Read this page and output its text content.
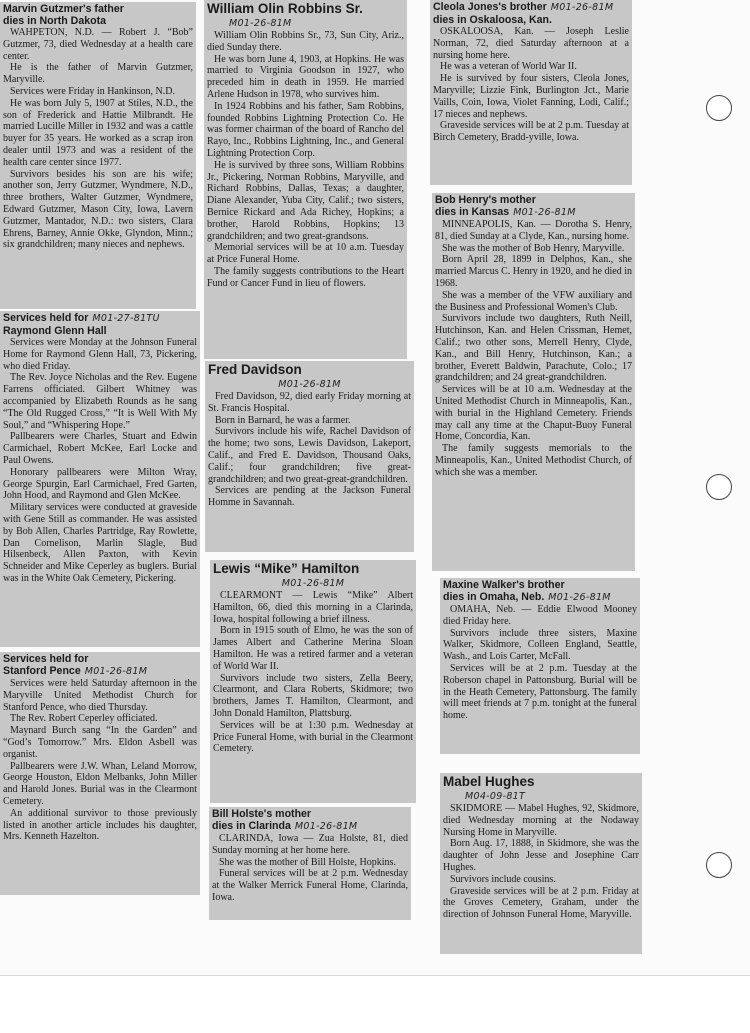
Marvin Gutzmer's father
dies in North Dakota

WAHPETON, N.D. — Robert J. “Bob” Gutzmer, 73, died Wednesday at a health care center.

He is the father of Marvin Gutzmer, Maryville.

Services were Friday in Hankinson, N.D.

He was born July 5, 1907 at Stiles, N.D., the son of Frederick and Hattie Milbrandt. He married Lucille Miller in 1932 and was a cattle buyer for 35 years. He worked as a scrap iron dealer until 1973 and was a resident of the health care center since 1977.

Survivors besides his son are his wife; another son, Jerry Gutzmer, Wyndmere, N.D., three brothers, Walter Gutzmer, Wyndmere, Edward Gutzmer, Mason City, Iowa, Lavern Gutzmer, Mantador, N.D.: two sisters, Clara Ehrens, Barney, Annie Okke, Glyndon, Minn.; six grandchildren; many nieces and nephews.

Services held for M01-27-81TU
Raymond Glenn Hall

Services were Monday at the Johnson Funeral Home for Raymond Glenn Hall, 73, Pickering, who died Friday.

The Rev. Joyce Nicholas and the Rev. Eugene Farrens officiated. Gilbert Whitney was accompanied by Elizabeth Rounds as he sang “The Old Rugged Cross,” “It is Well With My Soul,” and “Whispering Hope.”

Pallbearers were Charles, Stuart and Edwin Carmichael, Robert McKee, Earl Locke and Paul Owens.

Honorary pallbearers were Milton Wray, George Spurgin, Earl Carmichael, Fred Garten, John Hood, and Raymond and Glen McKee.

Military services were conducted at graveside with Gene Still as commander. He was assisted by Bob Allen, Charles Partridge, Ray Rowlette, Dan Cornelison, Marlin Slagle, Bud Hilsenbeck, Allen Paxton, with Kevin Schneider and Mike Ceperley as buglers. Burial was in the White Oak Cemetery, Pickering.

Services held for
Stanford Pence M01-26-81M

Services were held Saturday afternoon in the Maryville United Methodist Church for Stanford Pence, who died Thursday.

The Rev. Robert Ceperley officiated.

Maynard Burch sang “In the Garden” and “God’s Tomorrow.” Mrs. Eldon Asbell was organist.

Pallbearers were J.W. Whan, Leland Morrow, George Houston, Eldon Melbanks, John Miller and Harold Jones. Burial was in the Clearmont Cemetery.

An additional survivor to those previously listed in another article includes his daughter, Mrs. Kenneth Hazelton.

William Olin Robbins Sr.
M01-26-81M

William Olin Robbins Sr., 73, Sun City, Ariz., died Sunday there.

He was born June 4, 1903, at Hopkins. He was married to Virginia Goodson in 1927, who preceded him in death in 1959. He married Arlene Hudson in 1978, who survives him.

In 1924 Robbins and his father, Sam Robbins, founded Robbins Lightning Protection Co. He was former chairman of the board of Rancho del Rayo, Inc., Robbins Lightning, Inc., and General Lightning Protection Corp.

He is survived by three sons, William Robbins Jr., Pickering, Norman Robbins, Maryville, and Richard Robbins, Dallas, Texas; a daughter, Diane Alexander, Yuba City, Calif.; two sisters, Bernice Rickard and Ada Richey, Hopkins; a brother, Harold Robbins, Hopkins; 13 grandchildren; and two great-grandsons.

Memorial services will be at 10 a.m. Tuesday at Price Funeral Home.

The family suggests contributions to the Heart Fund or Cancer Fund in lieu of flowers.

Fred Davidson
M01-26-81M

Fred Davidson, 92, died early Friday morning at St. Francis Hospital.

Born in Barnard, he was a farmer.

Survivors include his wife, Rachel Davidson of the home; two sons, Lewis Davidson, Lakeport, Calif., and Fred E. Davidson, Thousand Oaks, Calif.; four grandchildren; five great-grandchildren; and two great-great-grandchildren.

Services are pending at the Jackson Funeral Homme in Savannah.

Lewis “Mike” Hamilton
M01-26-81M

CLEARMONT — Lewis “Mike” Albert Hamilton, 66, died this morning in a Clarinda, Iowa, hospital following a brief illness.

Born in 1915 south of Elmo, he was the son of James Albert and Catherine Merina Sloan Hamilton. He was a retired farmer and a veteran of World War II.

Survivors include two sisters, Zella Beery, Clearmont, and Clara Roberts, Skidmore; two brothers, James T. Hamilton, Clearmont, and John Donald Hamilton, Plattsburg.

Services will be at 1:30 p.m. Wednesday at Price Funeral Home, with burial in the Clearmont Cemetery.

Bill Holste's mother
dies in Clarinda M01-26-81M

CLARINDA, Iowa — Zua Holste, 81, died Sunday morning at her home here.

She was the mother of Bill Holste, Hopkins.

Funeral services will be at 2 p.m. Wednesday at the Walker Merrick Funeral Home, Clarinda, Iowa.

Cleola Jones's brother M01-26-81M
dies in Oskaloosa, Kan.

OSKALOOSA, Kan. — Joseph Leslie Norman, 72, died Saturday afternoon at a nursing home here.

He was a veteran of World War II.

He is survived by four sisters, Cleola Jones, Maryville; Lizzie Fink, Burlington Jct., Marie Vaills, Coin, Iowa, Violet Fanning, Lodi, Calif.; 17 nieces and nephews.

Graveside services will be at 2 p.m. Tuesday at Birch Cemetery, Bradd-yville, Iowa.

Bob Henry's mother
dies in Kansas M01-26-81M

MINNEAPOLIS, Kan. — Dorotha S. Henry, 81, died Sunday at a Clyde, Kan., nursing home.

She was the mother of Bob Henry, Maryville.

Born April 28, 1899 in Delphos, Kan., she married Marcus C. Henry in 1920, and he died in 1968.

She was a member of the VFW auxiliary and the Business and Professional Women's Club.

Survivors include two daughters, Ruth Neill, Hutchinson, Kan. and Helen Crissman, Hemet, Calif.; two other sons, Merrell Henry, Clyde, Kan., and Bill Henry, Hutchinson, Kan.; a brother, Everett Baldwin, Parachute, Colo.; 17 grandchildren; and 24 great-grandchildren.

Services will be at 10 a.m. Wednesday at the United Methodist Church in Minneapolis, Kan., with burial in the Highland Cemetery. Friends may call any time at the Chaput-Buoy Funeral Home, Concordia, Kan.

The family suggests memorials to the Minneapolis, Kan., United Methodist Church, of which she was a member.

Maxine Walker's brother
dies in Omaha, Neb. M01-26-81M

OMAHA, Neb. — Eddie Elwood Mooney died Friday here.

Survivors include three sisters, Maxine Walker, Skidmore, Colleen England, Seattle, Wash., and Lois Carter, McFall.

Services will be at 2 p.m. Tuesday at the Roberson chapel in Pattonsburg. Burial will be in the Heath Cemetery, Pattonsburg. The family will meet friends at 7 p.m. tonight at the funeral home.

Mabel Hughes
M04-09-81T

SKIDMORE — Mabel Hughes, 92, Skidmore, died Wednesday morning at the Nodaway Nursing Home in Maryville.

Born Aug. 17, 1888, in Skidmore, she was the daughter of John Jesse and Josephine Carr Hughes.

Survivors include cousins.

Graveside services will be at 2 p.m. Friday at the Groves Cemetery, Graham, under the direction of Johnson Funeral Home, Maryville.
